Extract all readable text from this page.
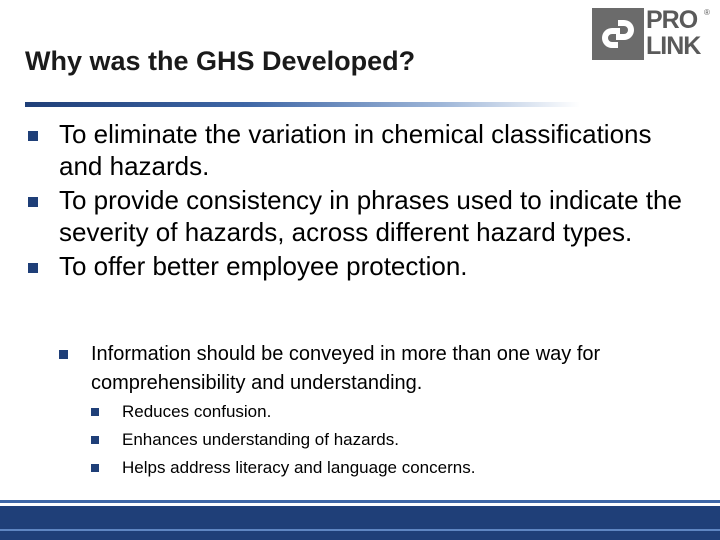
Why was the GHS Developed?
PRO
LINK
®
To eliminate the variation in chemical classifications and hazards.
To provide consistency in phrases used to indicate the severity of hazards, across different hazard types.
To offer better employee protection.
Information should be conveyed in more than one way for comprehensibility and understanding.
Reduces confusion.
Enhances understanding of hazards.
Helps address literacy and language concerns.
